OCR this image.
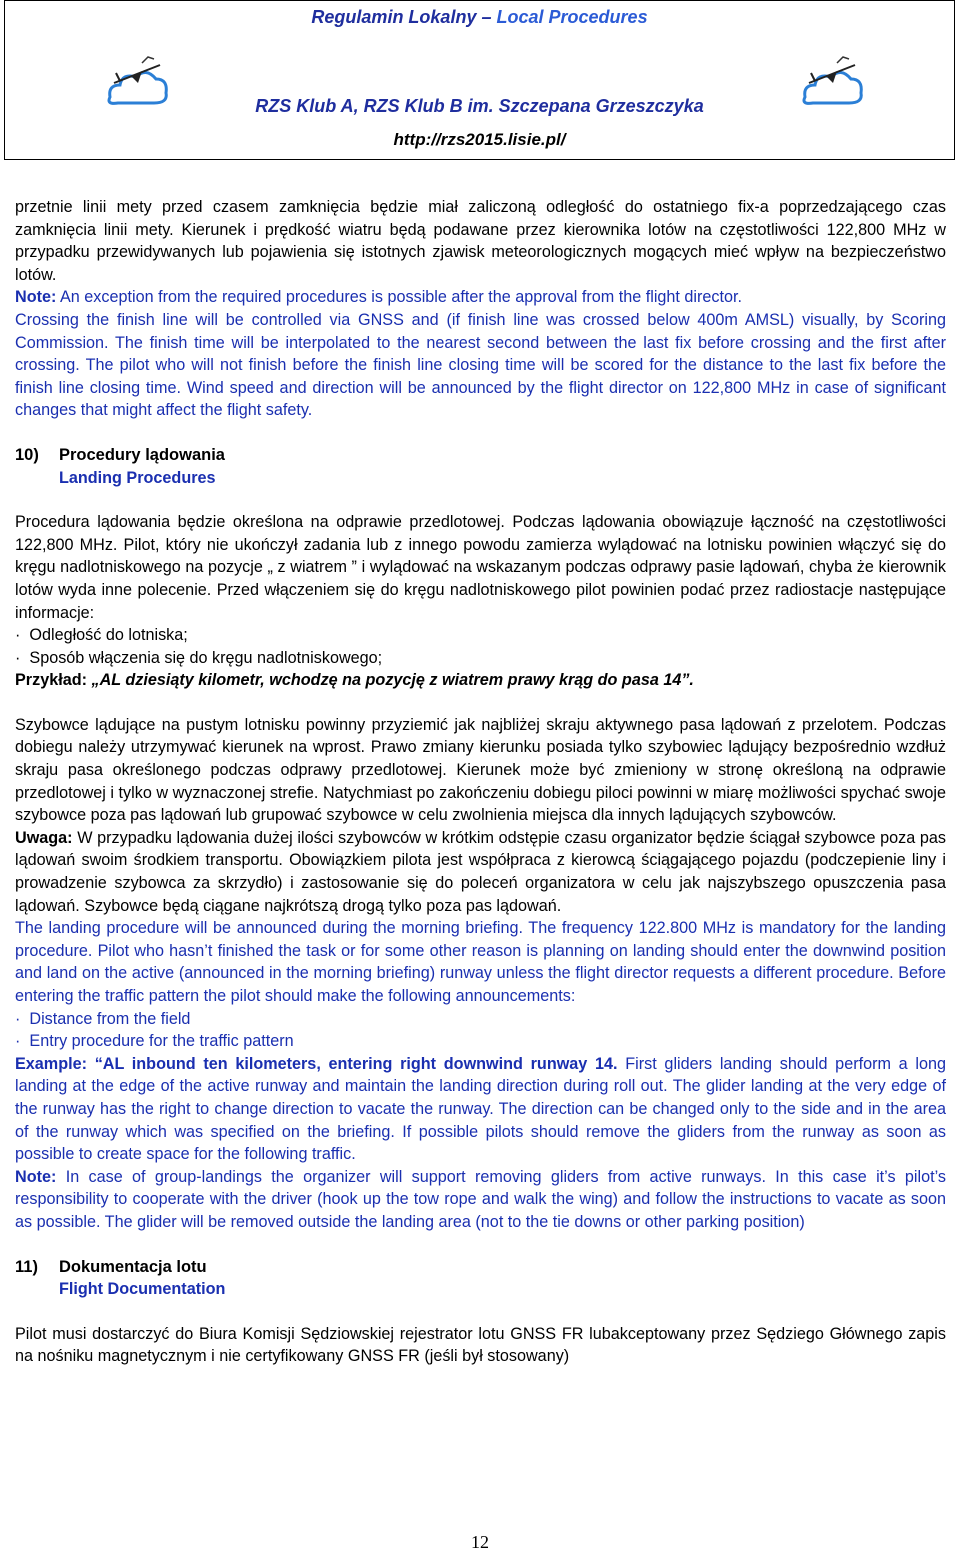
Regulamin Lokalny – Local Procedures
RZS Klub A, RZS Klub B im. Szczepana Grzeszczyka
http://rzs2015.lisie.pl/

przetnie linii mety przed czasem zamknięcia będzie miał zaliczoną odległość do ostatniego fix-a poprzedzającego czas zamknięcia linii mety. Kierunek i prędkość wiatru będą podawane przez kierownika lotów na częstotliwości 122,800 MHz w przypadku przewidywanych lub pojawienia się istotnych zjawisk meteorologicznych mogących mieć wpływ na bezpieczeństwo lotów.

Note: An exception from the required procedures is possible after the approval from the flight director.

Crossing the finish line will be controlled via GNSS and (if finish line was crossed below 400m AMSL) visually, by Scoring Commission. The finish time will be interpolated to the nearest second between the last fix before crossing and the first after crossing. The pilot who will not finish before the finish line closing time will be scored for the distance to the last fix before the finish line closing time. Wind speed and direction will be announced by the flight director on 122,800 MHz in case of significant changes that might affect the flight safety.

10) Procedury lądowania
Landing Procedures

Procedura lądowania będzie określona na odprawie przedlotowej. Podczas lądowania obowiązuje łączność na częstotliwości 122,800 MHz. Pilot, który nie ukończył zadania lub z innego powodu zamierza wylądować na lotnisku powinien włączyć się do kręgu nadlotniskowego na pozycje „ z wiatrem ” i wylądować na wskazanym podczas odprawy pasie lądowań, chyba że kierownik lotów wyda inne polecenie. Przed włączeniem się do kręgu nadlotniskowego pilot powinien podać przez radiostacje następujące informacje:

·  Odległość do lotniska;

·  Sposób włączenia się do kręgu nadlotniskowego;

Przykład: „AL dziesiąty kilometr, wchodzę na pozycję z wiatrem prawy krąg do pasa 14”.

Szybowce lądujące na pustym lotnisku powinny przyziemić jak najbliżej skraju aktywnego pasa lądowań z przelotem. Podczas dobiegu należy utrzymywać kierunek na wprost. Prawo zmiany kierunku posiada tylko szybowiec lądujący bezpośrednio wzdłuż skraju pasa określonego podczas odprawy przedlotowej. Kierunek może być zmieniony w stronę określoną na odprawie przedlotowej i tylko w wyznaczonej strefie. Natychmiast po zakończeniu dobiegu piloci powinni w miarę możliwości spychać swoje szybowce poza pas lądowań lub grupować szybowce w celu zwolnienia miejsca dla innych lądujących szybowców.

Uwaga: W przypadku lądowania dużej ilości szybowców w krótkim odstępie czasu organizator będzie ściągał szybowce poza pas lądowań swoim środkiem transportu. Obowiązkiem pilota jest współpraca z kierowcą ściągającego pojazdu (podczepienie liny i prowadzenie szybowca za skrzydło) i zastosowanie się do poleceń organizatora w celu jak najszybszego opuszczenia pasa lądowań. Szybowce będą ciągane najkrótszą drogą tylko poza pas lądowań.

The landing procedure will be announced during the morning briefing. The frequency 122.800 MHz is mandatory for the landing procedure. Pilot who hasn’t finished the task or for some other reason is planning on landing should enter the downwind position and land on the active (announced in the morning briefing) runway unless the flight director requests a different procedure. Before entering the traffic pattern the pilot should make the following announcements:

·  Distance from the field

·  Entry procedure for the traffic pattern

Example: “AL inbound ten kilometers, entering right downwind runway 14. First gliders landing should perform a long landing at the edge of the active runway and maintain the landing direction during roll out. The glider landing at the very edge of the runway has the right to change direction to vacate the runway. The direction can be changed only to the side and in the area of the runway which was specified on the briefing. If possible pilots should remove the gliders from the runway as soon as possible to create space for the following traffic.

Note: In case of group-landings the organizer will support removing gliders from active runways. In this case it’s pilot’s responsibility to cooperate with the driver (hook up the tow rope and walk the wing) and follow the instructions to vacate as soon as possible. The glider will be removed outside the landing area (not to the tie downs or other parking position)

11) Dokumentacja lotu
Flight Documentation

Pilot musi dostarczyć do Biura Komisji Sędziowskiej rejestrator lotu GNSS FR lubakceptowany przez Sędziego Głównego zapis na nośniku magnetycznym i nie certyfikowany GNSS FR (jeśli był stosowany)

12
